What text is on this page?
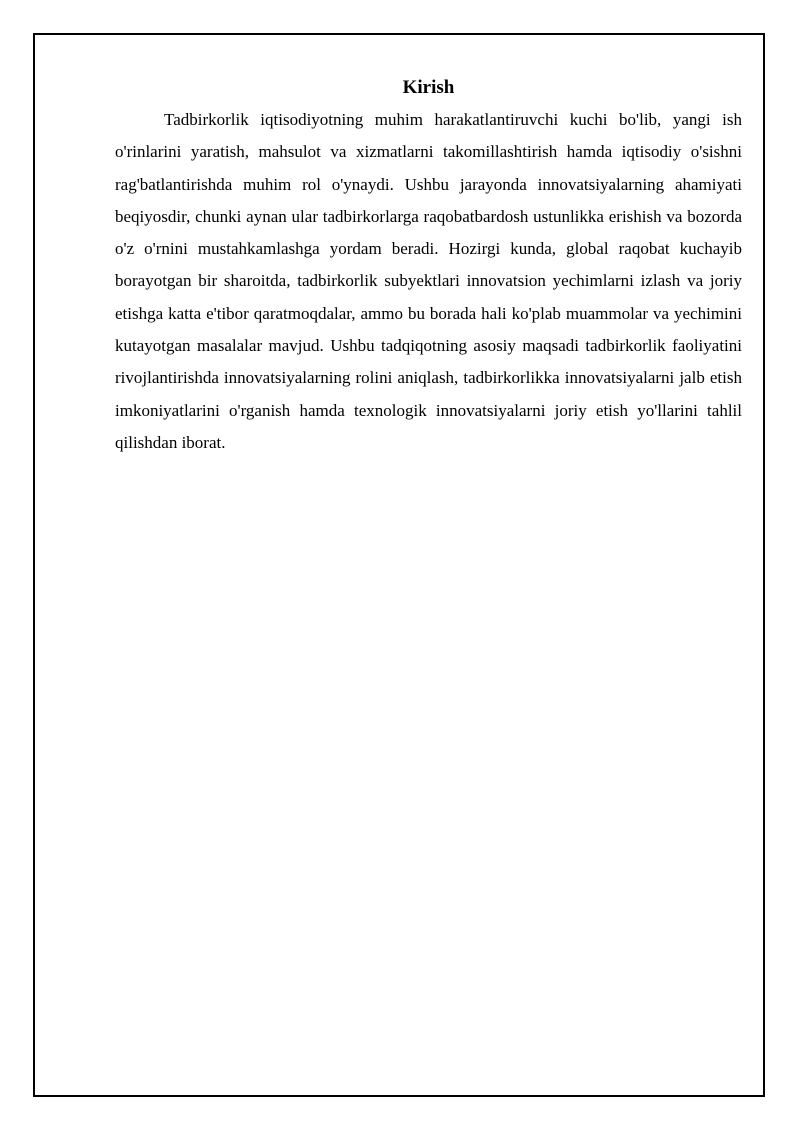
Kirish

Tadbirkorlik iqtisodiyotning muhim harakatlantiruvchi kuchi bo'lib, yangi ish o'rinlarini yaratish, mahsulot va xizmatlarni takomillashtirish hamda iqtisodiy o'sishni rag'batlantirishda muhim rol o'ynaydi. Ushbu jarayonda innovatsiyalarning ahamiyati beqiyosdir, chunki aynan ular tadbirkorlarga raqobatbardosh ustunlikka erishish va bozorda o'z o'rnini mustahkamlashga yordam beradi. Hozirgi kunda, global raqobat kuchayib borayotgan bir sharoitda, tadbirkorlik subyektlari innovatsion yechimlarni izlash va joriy etishga katta e'tibor qaratmoqdalar, ammo bu borada hali ko'plab muammolar va yechimini kutayotgan masalalar mavjud. Ushbu tadqiqotning asosiy maqsadi tadbirkorlik faoliyatini rivojlantirishda innovatsiyalarning rolini aniqlash, tadbirkorlikka innovatsiyalarni jalb etish imkoniyatlarini o'rganish hamda texnologik innovatsiyalarni joriy etish yo'llarini tahlil qilishdan iborat.
